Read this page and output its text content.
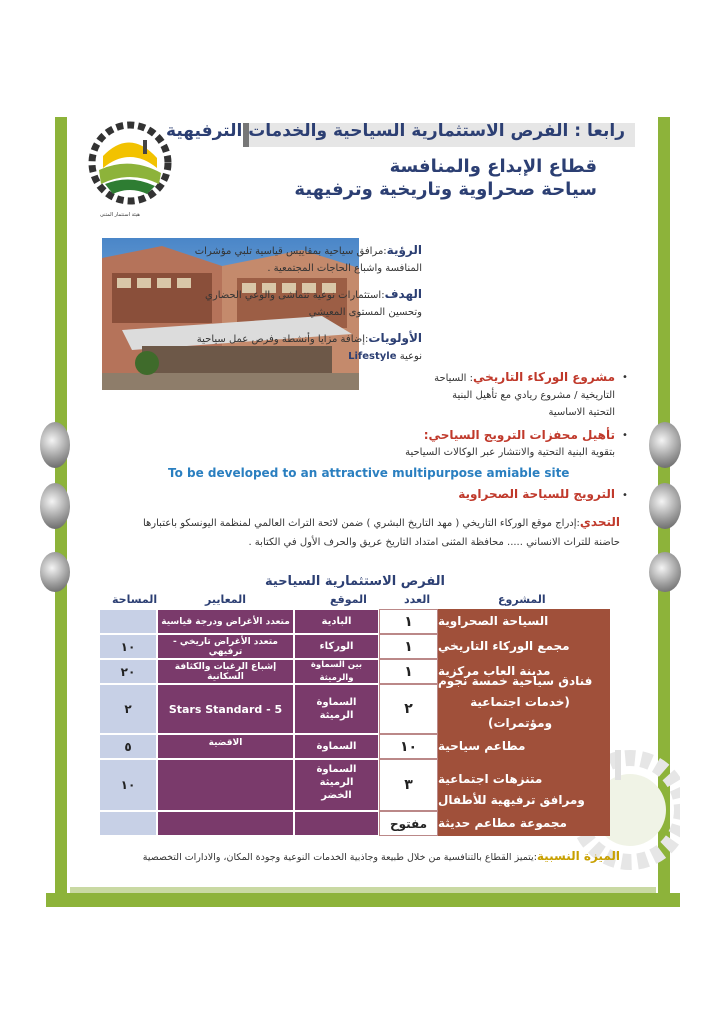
هيئة استثمار المثنى
رابعا : الفرص الاستثمارية السياحية والخدمات الترفيهية
قطاع الإبداع والمنافسة
سياحة صحراوية وتاريخية وترفيهية
الرؤية:مرافق سياحية بمقاييس قياسية تلبي مؤشرات
المنافسة واشباع الحاجات المجتمعية .
الهدف:استثمارات نوعية تتماشى والوعي الحضاري
وتحسين المستوى المعيشي
الأولويات:إضافة مزايا وأنشطة وفرص عمل سياحية
نوعية Lifestyle
•
مشروع الوركاء التاريخي: السياحة
التاريخية / مشروع ريادي مع تأهيل البنية
التحتية الاساسية
•
تأهيل محفزات الترويج السياحي:
بتقوية البنية التحتية والانتشار عبر الوكالات السياحية
To be developed to an attractive multipurpose amiable site
•
الترويج للسياحة الصحراوية
التحدي:إدراج موقع الوركاء التاريخي ( مهد التاريخ البشري ) ضمن لائحة التراث العالمي لمنظمة اليونسكو باعتبارها
حاضنة للتراث الانساني ..... محافظة المثنى امتداد التاريخ عريق والحرف الأول في الكتابة .
الفرص الاستثمارية السياحية
المشروع
العدد
الموقع
المعايير
المساحة
السياحة الصحراوية
١
البادية
متعدد الأغراض ودرجة قياسية
مجمع الوركاء التاريخي
١
الوركاء
متعدد الأغراض تاريخي - ترفيهي
١٠
مدينة العاب مركزية
١
بين السماوة والرميثة
إشباع الرغبات والكثافة السكانية
٢٠
فنادق سياحية خمسة نجوم
(خدمات اجتماعية ومؤتمرات)
٢
السماوة
الرميثة
Stars Standard - 5
٢
مطاعم سياحية
١٠
السماوة
الاقضية
٥
متنزهات اجتماعية
ومرافق ترفيهية للأطفال
٣
السماوة
الرميثة
الخضر
١٠
مجموعة مطاعم حديثة
مفتوح
الميزة النسبية:يتميز القطاع بالتنافسية من خلال طبيعة وجاذبية الخدمات النوعية وجودة المكان، والادارات التخصصية
